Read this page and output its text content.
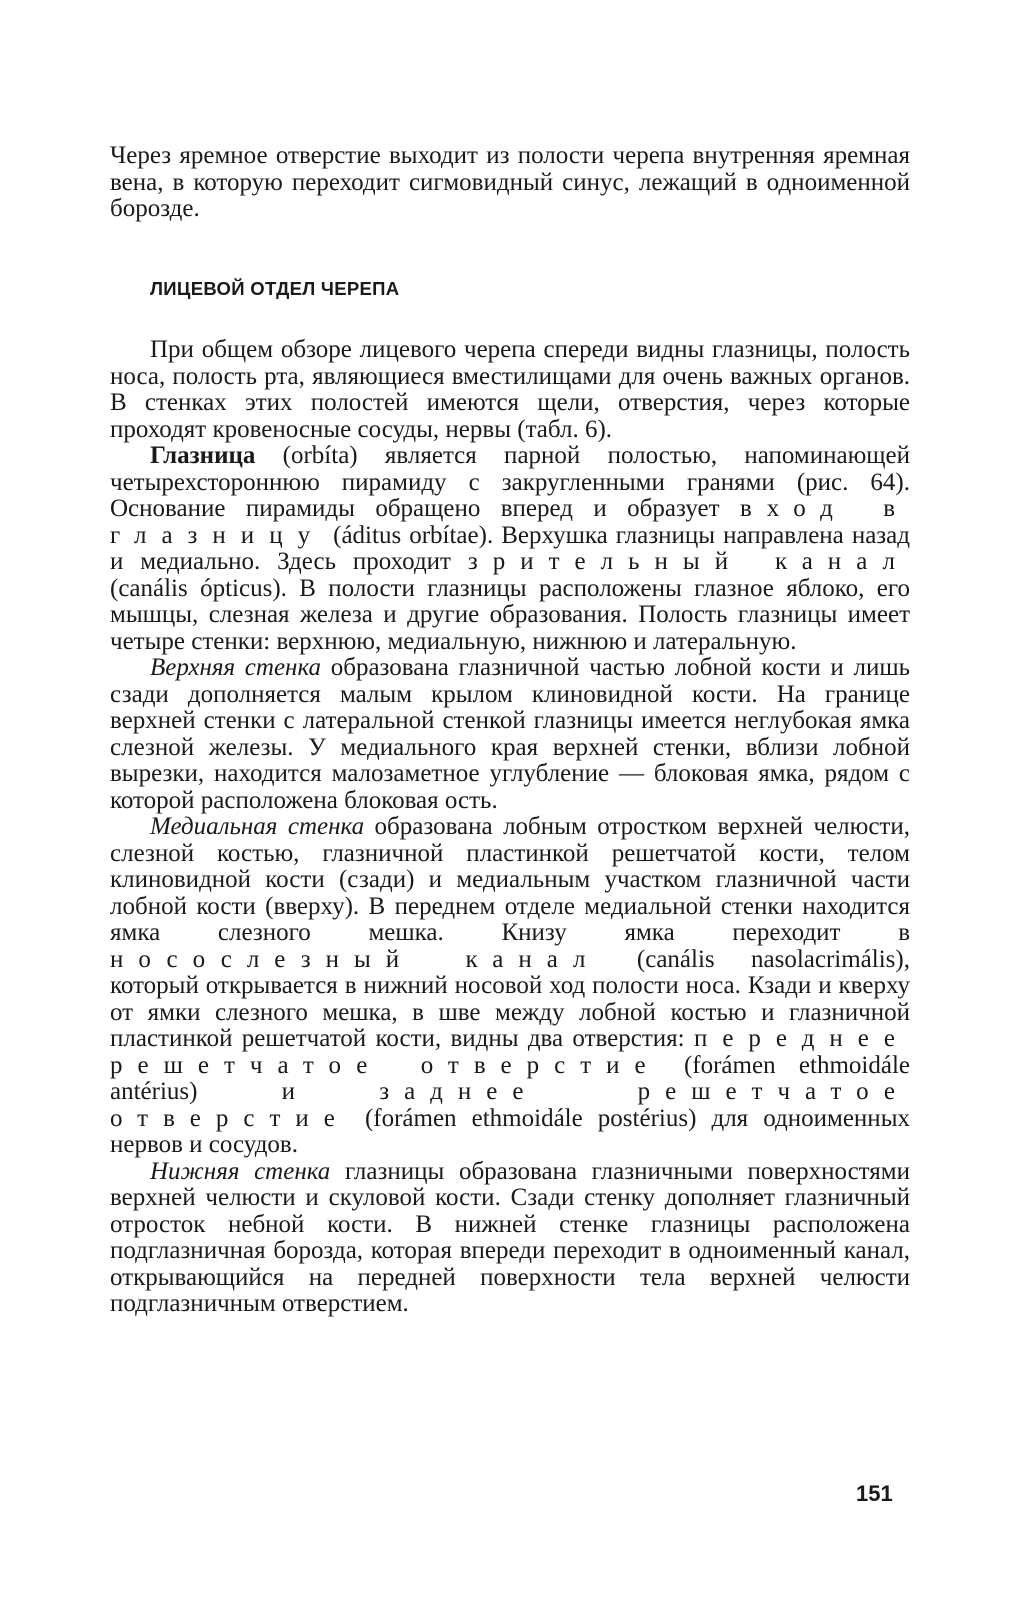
Через яремное отверстие выходит из полости черепа внутренняя яремная вена, в которую переходит сигмовидный синус, лежащий в одноименной борозде.

ЛИЦЕВОЙ ОТДЕЛ ЧЕРЕПА

При общем обзоре лицевого черепа спереди видны глазницы, полость носа, полость рта, являющиеся вместилищами для очень важных органов. В стенках этих полостей имеются щели, отверстия, через которые проходят кровеносные сосуды, нервы (табл. 6).

Глазница (orbíta) является парной полостью, напоминающей четырехстороннюю пирамиду с закругленными гранями (рис. 64). Основание пирамиды обращено вперед и образует вход в глазницу (áditus orbítae). Верхушка глазницы направлена назад и медиально. Здесь проходит зрительный канал (canális ópticus). В полости глазницы расположены глазное яблоко, его мышцы, слезная железа и другие образования. Полость глазницы имеет четыре стенки: верхнюю, медиальную, нижнюю и латеральную.

Верхняя стенка образована глазничной частью лобной кости и лишь сзади дополняется малым крылом клиновидной кости. На границе верхней стенки с латеральной стенкой глазницы имеется неглубокая ямка слезной железы. У медиального края верхней стенки, вблизи лобной вырезки, находится малозаметное углубление — блоковая ямка, рядом с которой расположена блоковая ость.

Медиальная стенка образована лобным отростком верхней челюсти, слезной костью, глазничной пластинкой решетчатой кости, телом клиновидной кости (сзади) и медиальным участком глазничной части лобной кости (вверху). В переднем отделе медиальной стенки находится ямка слезного мешка. Книзу ямка переходит в носослезный канал (canális nasolacrimális), который открывается в нижний носовой ход полости носа. Кзади и кверху от ямки слезного мешка, в шве между лобной костью и глазничной пластинкой решетчатой кости, видны два отверстия: переднее решетчатое отверстие (forámen ethmoidále antérius) и заднее решетчатое отверстие (forámen ethmoidále postérius) для одноименных нервов и сосудов.

Нижняя стенка глазницы образована глазничными поверхностями верхней челюсти и скуловой кости. Сзади стенку дополняет глазничный отросток небной кости. В нижней стенке глазницы расположена подглазничная борозда, которая впереди переходит в одноименный канал, открывающийся на передней поверхности тела верхней челюсти подглазничным отверстием.

151
